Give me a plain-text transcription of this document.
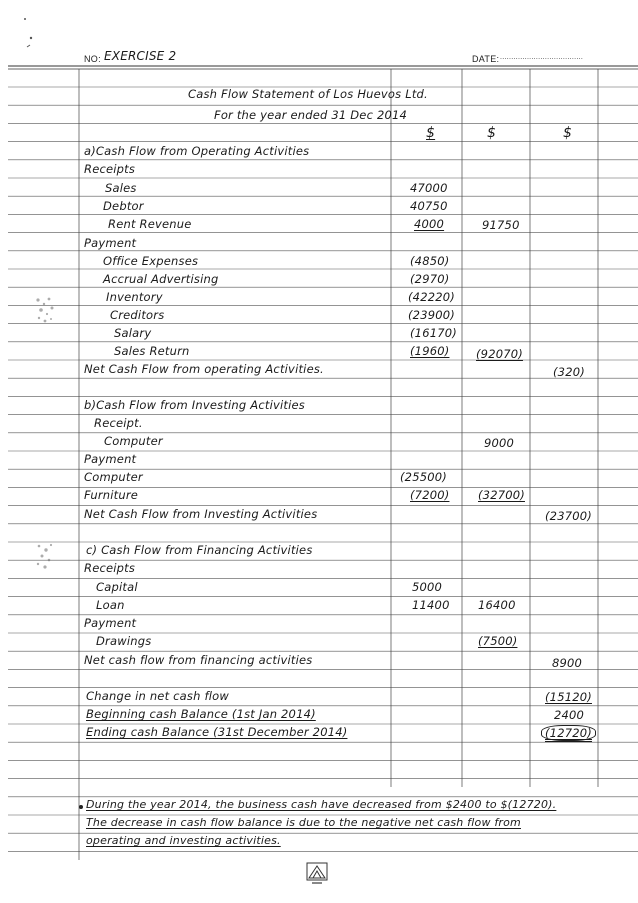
NO: EXERCISE 2	DATE: .....................................
Cash Flow Statement of Los Huevos Ltd.
For the year ended 31 Dec 2014
$	$	$
a)Cash Flow from Operating Activities
Receipts
Sales	47000
Debtor	40750
Rent Revenue	4000	91750
Payment
Office Expenses	(4850)
Accrual Advertising	(2970)
Inventory	(42220)
Creditors	(23900)
Salary	(16170)
Sales Return	(1960) (92070)
Net Cash Flow from operating Activities.	(320)
b)Cash Flow from Investing Activities
Receipt.
Computer	9000
Payment
Computer	(25500)
Furniture	(7200) (32700)
Net Cash Flow from Investing Activities	(23700)
c) Cash Flow from Financing Activities
Receipts
Capital	5000
Loan	11400 16400
Payment
Drawings	(7500)
Net cash flow from financing activities	8900
Change in net cash flow	(15120)
Beginning cash Balance (1st Jan 2014)	2400
Ending cash Balance (31st December 2014)	(12720)
During the year 2014, the business cash have decreased from $2400 to $(12720).
The decrease in cash flow balance is due to the negative net cash flow from
operating and investing activities.
